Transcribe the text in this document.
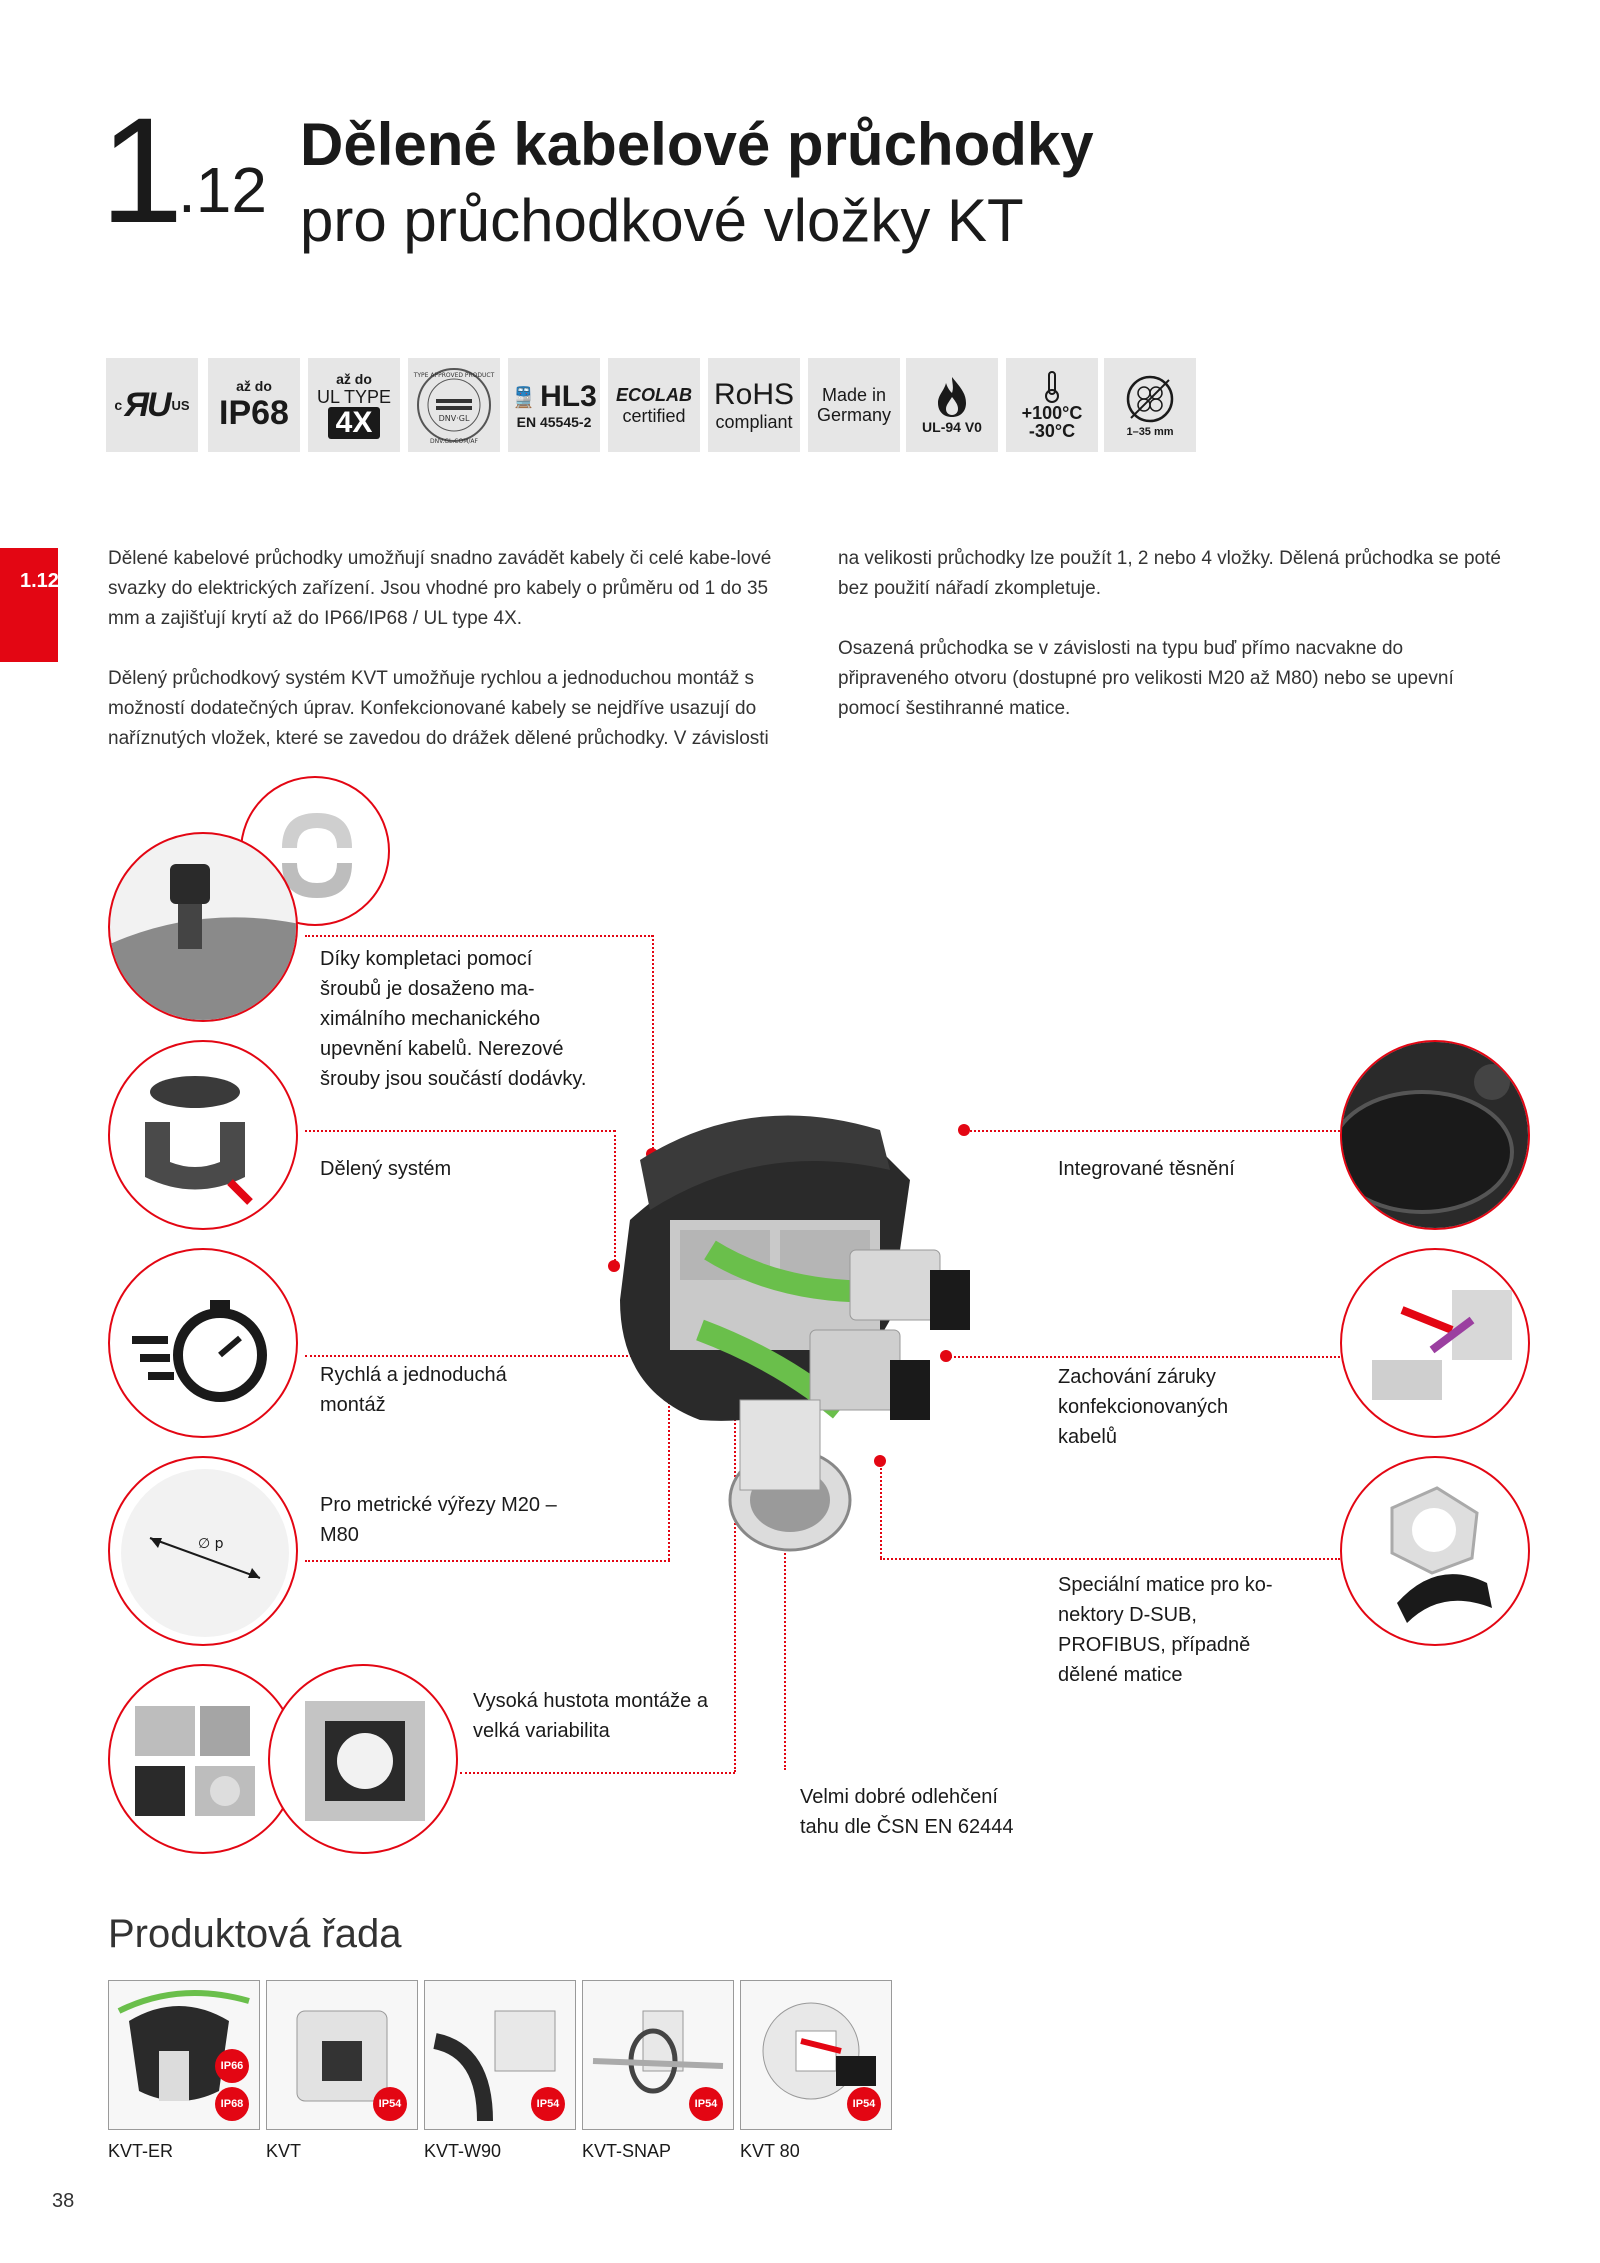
1 .12
Dělené kabelové průchodky
pro průchodkové vložky KT
c ЯU US
až do
IP68
až do
UL TYPE
4X	DNV·GL
DNV.GL.COM/AF
TYPE APPROVED PRODUCT
🚆 HL3
EN 45545-2
ECOLAB
certified
RoHS
compliant
Made in
Germany
UL-94 V0
+100°C
-30°C	1–35 mm
1.12
Dělené kabelové průchodky umožňují snadno zavádět kabely či celé kabe-lové svazky do elektrických zařízení. Jsou vhodné pro kabely o průměru od 1 do 35 mm a zajišťují krytí až do IP66/IP68 / UL type 4X.
Dělený průchodkový systém KVT umožňuje rychlou a jednoduchou montáž s možností dodatečných úprav. Konfekcionované kabely se nejdříve usazují do naříznutých vložek, které se zavedou do drážek dělené průchodky. V závislosti
na velikosti průchodky lze použít 1, 2 nebo 4 vložky. Dělená průchodka se poté bez použití nářadí zkompletuje.
Osazená průchodka se v závislosti na typu buď přímo nacvakne do připraveného otvoru (dostupné pro velikosti M20 až M80) nebo se upevní pomocí šestihranné matice.
∅ p
Díky kompletaci pomocí šroubů je dosaženo ma-ximálního mechanického upevnění kabelů. Nerezové šrouby jsou součástí dodávky.
Dělený systém
Rychlá a jednoduchá montáž
Pro metrické výřezy M20 – M80
Vysoká hustota montáže a velká variabilita
Velmi dobré odlehčení tahu dle ČSN EN 62444
Integrované těsnění
Zachování záruky konfekcionovaných kabelů
Speciální matice pro ko-nektory D-SUB, PROFIBUS, případně dělené matice
Produktová řada
IP66
IP68	IP54	IP54	IP54	IP54
KVT-ER	KVT	KVT-W90	KVT-SNAP	KVT 80
38
